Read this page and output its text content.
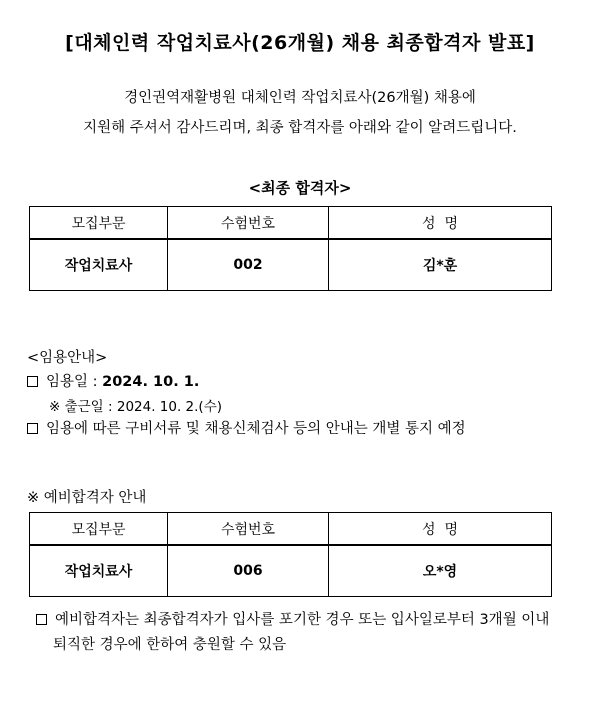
[대체인력 작업치료사(26개월) 채용 최종합격자 발표]
경인권역재활병원 대체인력 작업치료사(26개월) 채용에
지원해 주셔서 감사드리며, 최종 합격자를 아래와 같이 알려드립니다.
<최종 합격자>
모집부문	수험번호	성  명
작업치료사	002	김*훈
<임용안내>
임용일 : 2024. 10. 1.
※ 출근일 : 2024. 10. 2.(수)
임용에 따른 구비서류 및 채용신체검사 등의 안내는 개별 통지 예정
※ 예비합격자 안내
모집부문	수험번호	성  명
작업치료사	006	오*영
예비합격자는 최종합격자가 입사를 포기한 경우 또는 입사일로부터 3개월 이내
퇴직한 경우에 한하여 충원할 수 있음
